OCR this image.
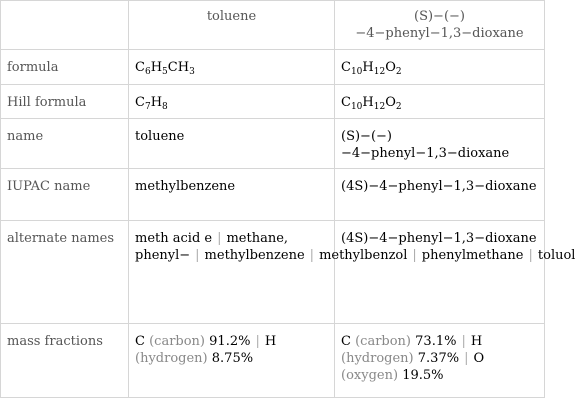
	toluene	(S)−(−)−4−phenyl−1,3−dioxane
formula	$C_6H_5CH_3$	$C_{10}H_{12}O_2$
Hill formula	$C_7H_8$	$C_{10}H_{12}O_2$
name	toluene	(S)−(−)−4−phenyl−1,3−dioxane
IUPAC name	methylbenzene	(4S)−4−phenyl−1,3−dioxane
alternate names	meth acid e | methane, phenyl− | methylbenzene | methylbenzol | phenylmethane | toluol	(4S)−4−phenyl−1,3−dioxane
mass fractions	C (carbon) 91.2% | H (hydrogen) 8.75%	C (carbon) 73.1% | H (hydrogen) 7.37% | O (oxygen) 19.5%
